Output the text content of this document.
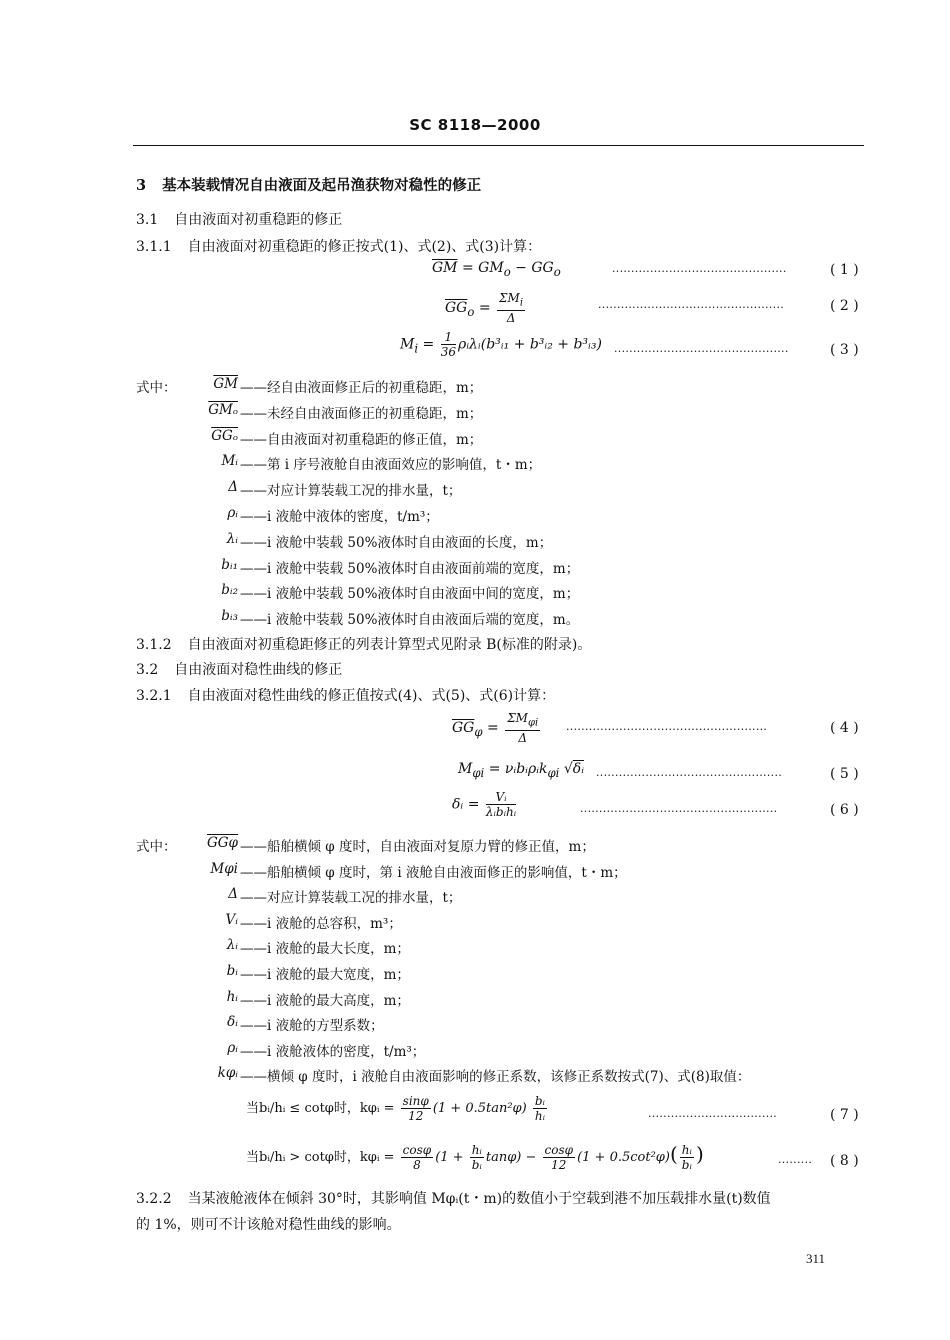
SC 8118—2000
3 基本装载情况自由液面及起吊渔获物对稳性的修正
3.1 自由液面对初重稳距的修正
3.1.1 自由液面对初重稳距的修正按式(1)、式(2)、式(3)计算：
$\overline{GM} = GM_o - GG_o$	··············································	( 1 )
$\overline{GG}_o = \frac{\Sigma M_i}{\Delta}$	·················································	( 2 )
$M_i = \frac{1}{36}$ ρᵢλᵢ(b³ᵢ₁ + b³ᵢ₂ + b³ᵢ₃) ··············································	( 3 )
式中：	$\overline{GM}$ ——经自由液面修正后的初重稳距，m；
$\overline{GM_o}$ ——未经自由液面修正的初重稳距，m；
$\overline{GG_o}$ ——自由液面对初重稳距的修正值，m；
Mᵢ ——第 i 序号液舱自由液面效应的影响值，t・m；
Δ ——对应计算装载工况的排水量，t；
ρᵢ ——i 液舱中液体的密度，t/m³；
λᵢ ——i 液舱中装载 50%液体时自由液面的长度，m；
bᵢ₁ ——i 液舱中装载 50%液体时自由液面前端的宽度，m；
bᵢ₂ ——i 液舱中装载 50%液体时自由液面中间的宽度，m；
bᵢ₃ ——i 液舱中装载 50%液体时自由液面后端的宽度，m。
3.1.2 自由液面对初重稳距修正的列表计算型式见附录 B(标准的附录)。
3.2 自由液面对稳性曲线的修正
3.2.1 自由液面对稳性曲线的修正值按式(4)、式(5)、式(6)计算：
$\overline{GG}_\varphi = \frac{\Sigma M_{\varphi i}}{\Delta}$ ·····················································	( 4 )
$M_{\varphi i}$ = νᵢbᵢρᵢk$_{\varphi i}$ √δᵢ ·················································	( 5 )
δᵢ = $\frac{\text{Vᵢ}}{\text{λᵢbᵢhᵢ}}$	····················································	( 6 )
式中：	$\overline{GG\varphi}$ ——船舶横倾 φ 度时，自由液面对复原力臂的修正值，m；
Mφi ——船舶横倾 φ 度时，第 i 液舱自由液面修正的影响值，t・m；
Δ ——对应计算装载工况的排水量，t；
Vᵢ ——i 液舱的总容积，m³；
λᵢ ——i 液舱的最大长度，m；
bᵢ ——i 液舱的最大宽度，m；
hᵢ ——i 液舱的最大高度，m；
δᵢ ——i 液舱的方型系数；
ρᵢ ——i 液舱液体的密度，t/m³；
kφᵢ ——横倾 φ 度时，i 液舱自由液面影响的修正系数，该修正系数按式(7)、式(8)取值：
当bᵢ/hᵢ ≤ cotφ时，kφᵢ = $\frac{\sin\varphi}{12} (1 + 0.5\tan^2\varphi) \frac{\text{bᵢ}}{\text{hᵢ}}$	··································	( 7 )
当bᵢ/hᵢ > cotφ时，kφᵢ = $\frac{\cos\varphi}{8} (1 + \frac{\text{hᵢ}}{\text{bᵢ}} \tan\varphi) - \frac{\cos\varphi}{12} (1 + 0.5\cot^2\varphi)( \frac{\text{hᵢ}}{\text{bᵢ}}$ )	········· ( 8 )
3.2.2 当某液舱液体在倾斜 30°时，其影响值 Mφᵢ(t・m)的数值小于空载到港不加压载排水量(t)数值
的 1%，则可不计该舱对稳性曲线的影响。
311
